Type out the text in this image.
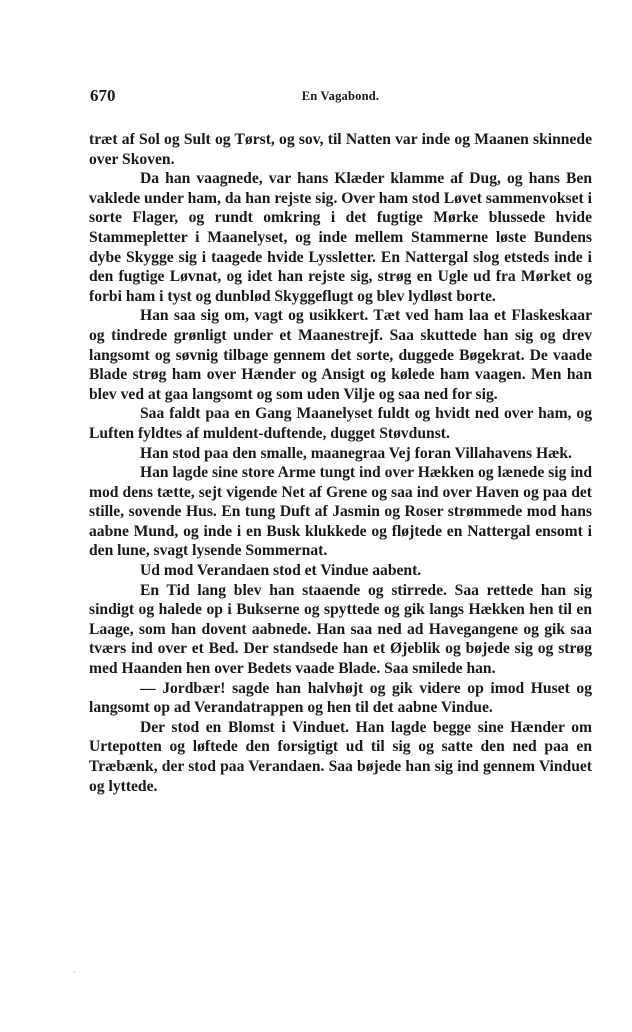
670	En Vagabond.

træt af Sol og Sult og Tørst, og sov, til Natten var inde og Maanen skinnede over Skoven.

Da han vaagnede, var hans Klæder klamme af Dug, og hans Ben vaklede under ham, da han rejste sig. Over ham stod Løvet sammenvokset i sorte Flager, og rundt omkring i det fugtige Mørke blussede hvide Stammepletter i Maanelyset, og inde mellem Stammerne løste Bundens dybe Skygge sig i taagede hvide Lyssletter. En Nattergal slog etsteds inde i den fugtige Løvnat, og idet han rejste sig, strøg en Ugle ud fra Mørket og forbi ham i tyst og dunblød Skyggeflugt og blev lydløst borte.

Han saa sig om, vagt og usikkert. Tæt ved ham laa et Flaskeskaar og tindrede grønligt under et Maanestrejf. Saa skuttede han sig og drev langsomt og søvnig tilbage gennem det sorte, duggede Bøgekrat. De vaade Blade strøg ham over Hænder og Ansigt og kølede ham vaagen. Men han blev ved at gaa langsomt og som uden Vilje og saa ned for sig.

Saa faldt paa en Gang Maanelyset fuldt og hvidt ned over ham, og Luften fyldtes af muldent-duftende, dugget Støvdunst.

Han stod paa den smalle, maanegraa Vej foran Villahavens Hæk.

Han lagde sine store Arme tungt ind over Hækken og lænede sig ind mod dens tætte, sejt vigende Net af Grene og saa ind over Haven og paa det stille, sovende Hus. En tung Duft af Jasmin og Roser strømmede mod hans aabne Mund, og inde i en Busk klukkede og fløjtede en Nattergal ensomt i den lune, svagt lysende Sommernat.

Ud mod Verandaen stod et Vindue aabent.

En Tid lang blev han staaende og stirrede. Saa rettede han sig sindigt og halede op i Bukserne og spyttede og gik langs Hækken hen til en Laage, som han dovent aabnede. Han saa ned ad Havegangene og gik saa tværs ind over et Bed. Der standsede han et Øjeblik og bøjede sig og strøg med Haanden hen over Bedets vaade Blade. Saa smilede han.

— Jordbær! sagde han halvhøjt og gik videre op imod Huset og langsomt op ad Verandatrappen og hen til det aabne Vindue.

Der stod en Blomst i Vinduet. Han lagde begge sine Hænder om Urtepotten og løftede den forsigtigt ud til sig og satte den ned paa en Træbænk, der stod paa Verandaen. Saa bøjede han sig ind gennem Vinduet og lyttede.

·
